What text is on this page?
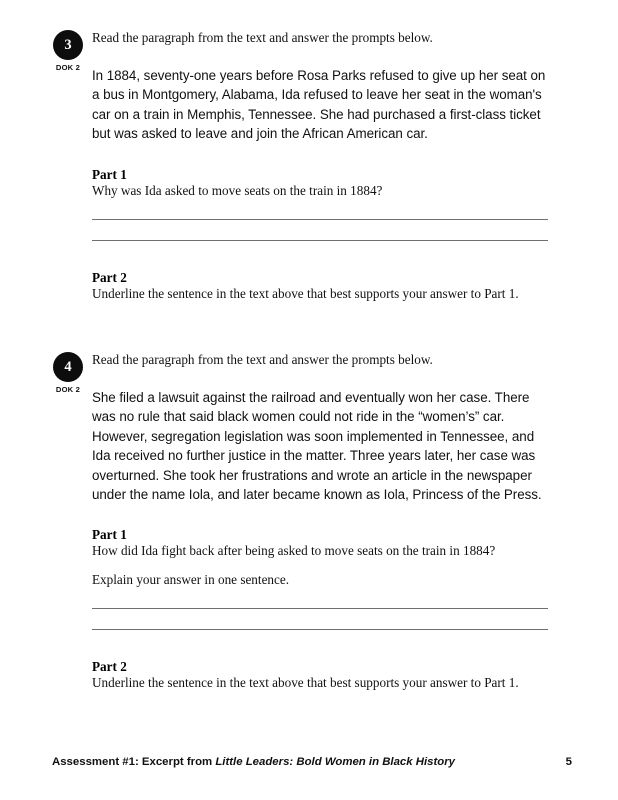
3
DOK 2

Read the paragraph from the text and answer the prompts below.

In 1884, seventy-one years before Rosa Parks refused to give up her seat on a bus in Montgomery, Alabama, Ida refused to leave her seat in the woman's car on a train in Memphis, Tennessee. She had purchased a first-class ticket but was asked to leave and join the African American car.

Part 1

Why was Ida asked to move seats on the train in 1884?

Part 2

Underline the sentence in the text above that best supports your answer to Part 1.

4
DOK 2

Read the paragraph from the text and answer the prompts below.

She filed a lawsuit against the railroad and eventually won her case. There was no rule that said black women could not ride in the “women’s” car. However, segregation legislation was soon implemented in Tennessee, and Ida received no further justice in the matter. Three years later, her case was overturned. She took her frustrations and wrote an article in the newspaper under the name Iola, and later became known as Iola, Princess of the Press.

Part 1

How did Ida fight back after being asked to move seats on the train in 1884?

Explain your answer in one sentence.

Part 2

Underline the sentence in the text above that best supports your answer to Part 1.

Assessment #1: Excerpt from Little Leaders: Bold Women in Black History	5
